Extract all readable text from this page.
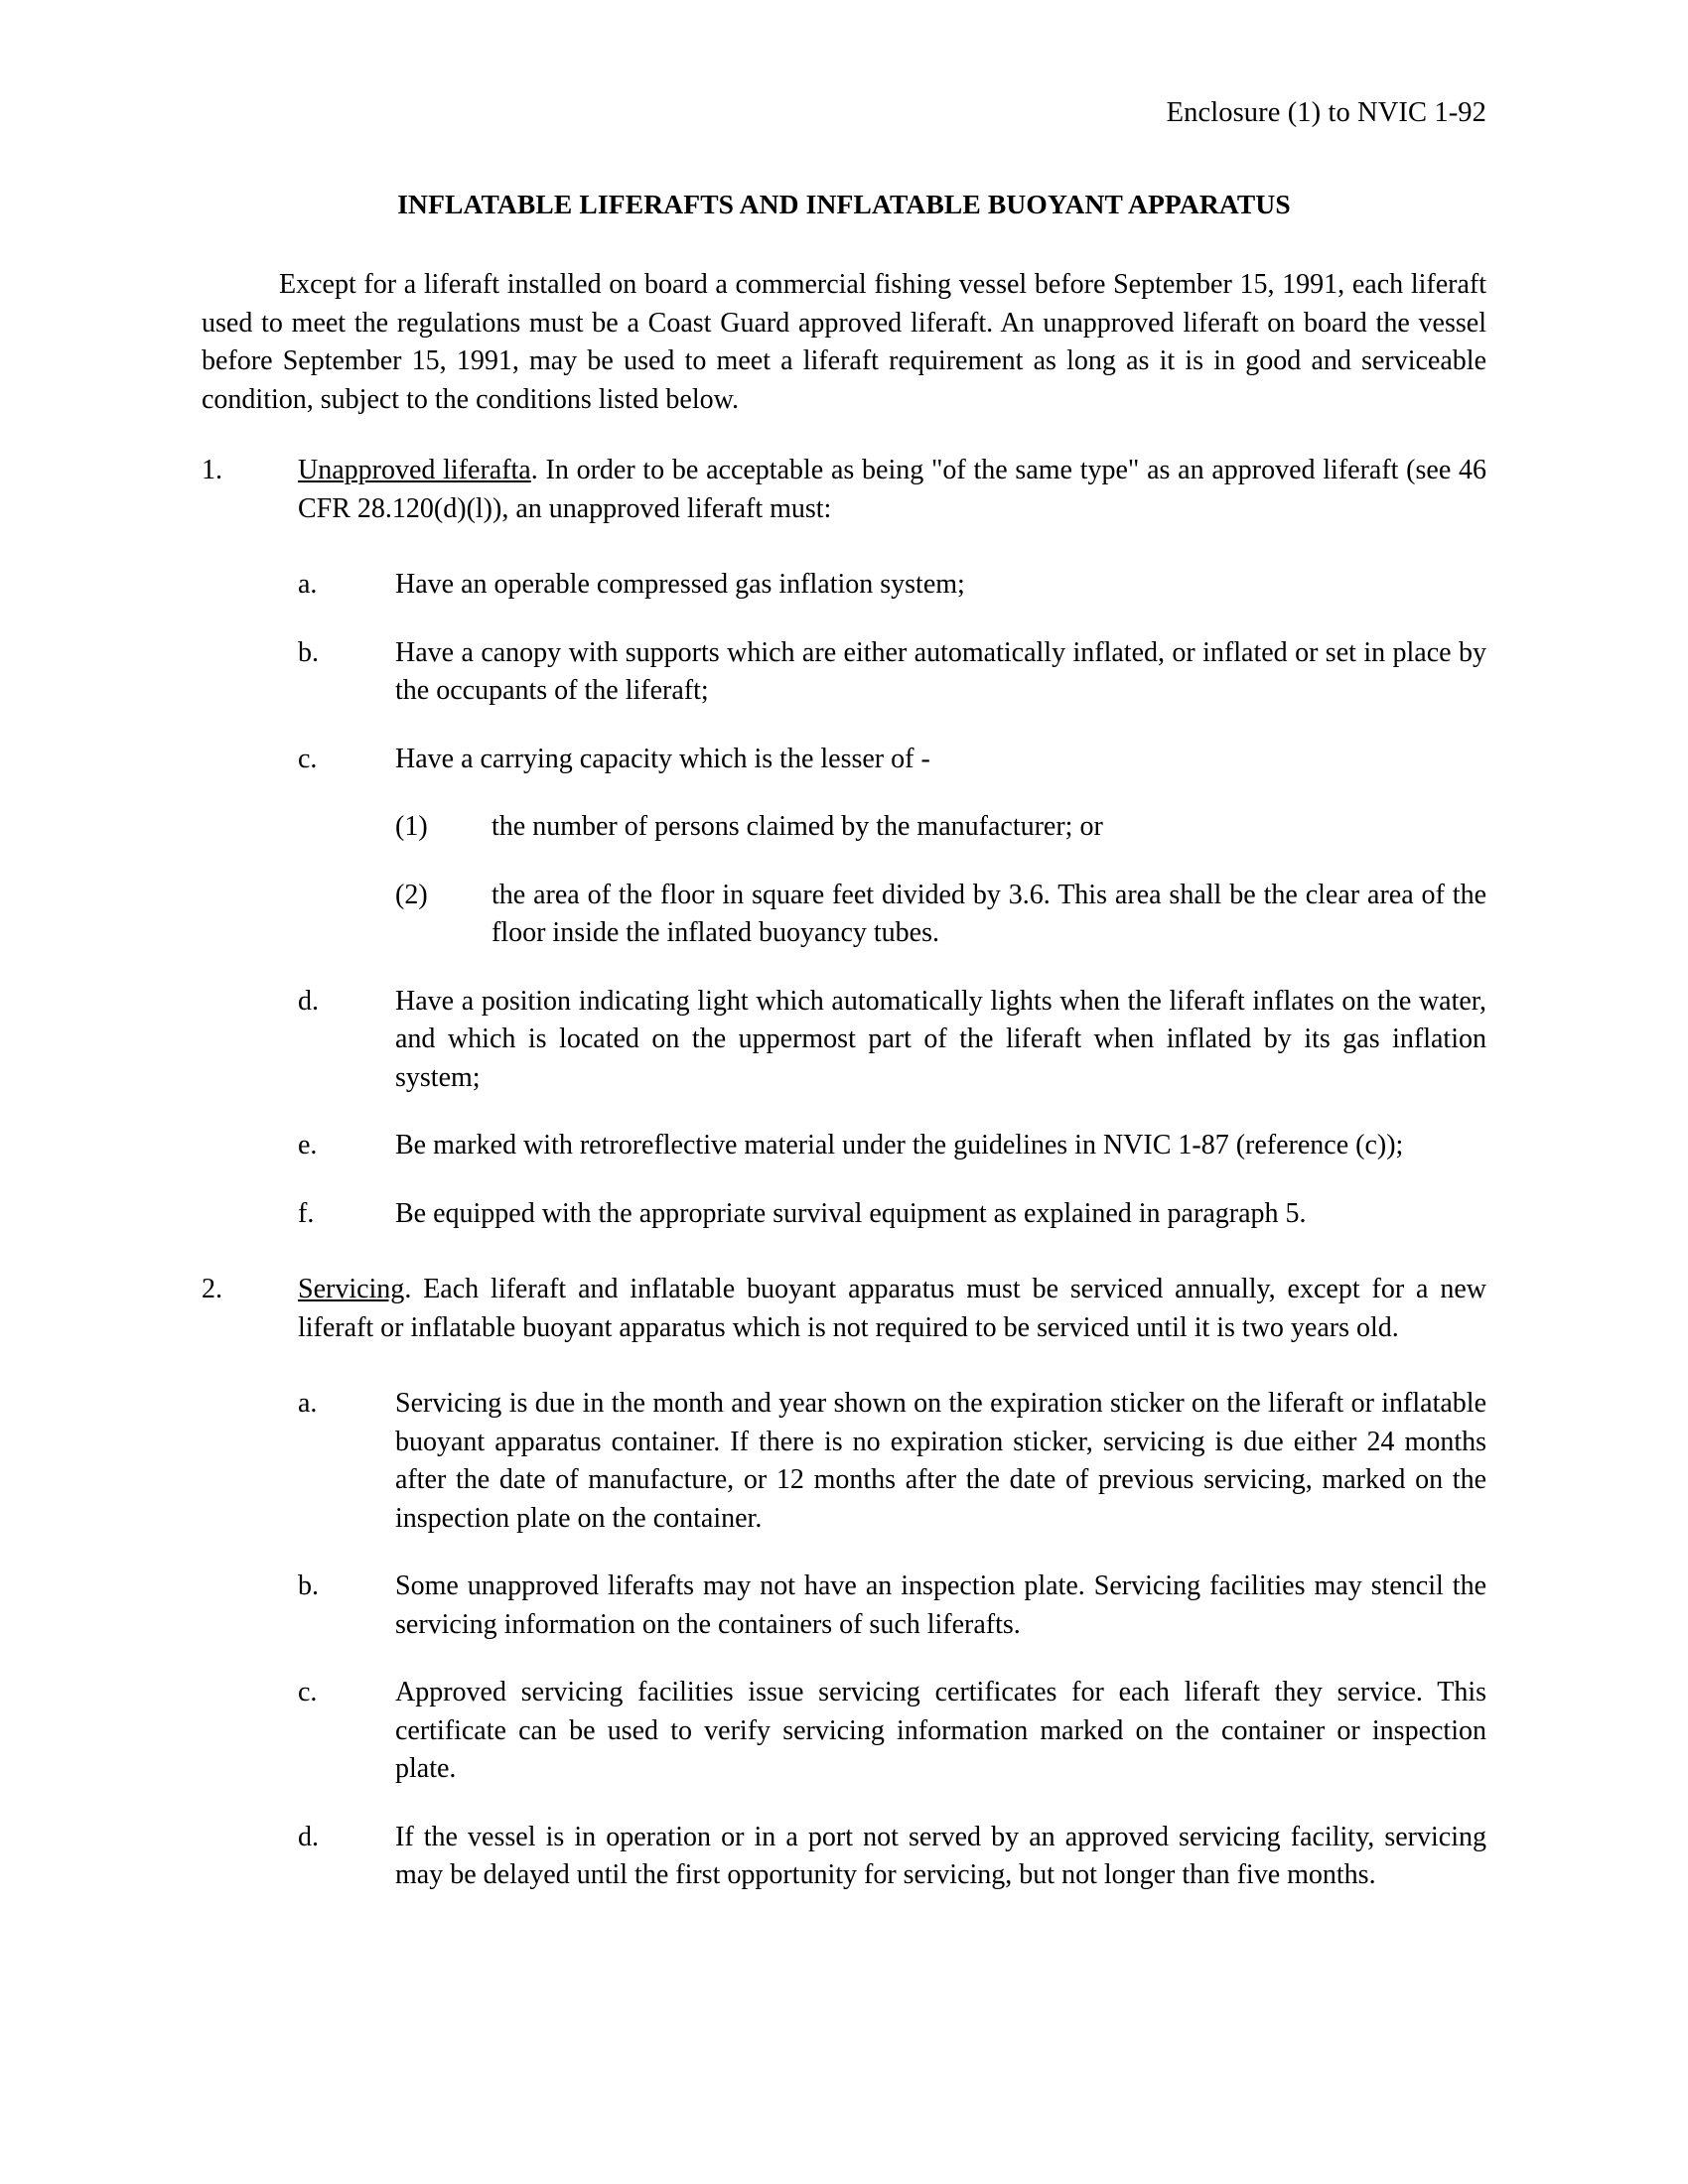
Enclosure (1) to NVIC 1-92
INFLATABLE LIFERAFTS AND INFLATABLE BUOYANT APPARATUS

Except for a liferaft installed on board a commercial fishing vessel before September 15, 1991, each liferaft used to meet the regulations must be a Coast Guard approved liferaft. An unapproved liferaft on board the vessel before September 15, 1991, may be used to meet a liferaft requirement as long as it is in good and serviceable condition, subject to the conditions listed below.

1.	Unapproved liferafta. In order to be acceptable as being "of the same type" as an approved liferaft (see 46 CFR 28.120(d)(l)), an unapproved liferaft must:
a.	Have an operable compressed gas inflation system;
b.	Have a canopy with supports which are either automatically inflated, or inflated or set in place by the occupants of the liferaft;
c.	Have a carrying capacity which is the lesser of -
(1)	the number of persons claimed by the manufacturer; or
(2)	the area of the floor in square feet divided by 3.6. This area shall be the clear area of the floor inside the inflated buoyancy tubes.
d.	Have a position indicating light which automatically lights when the liferaft inflates on the water, and which is located on the uppermost part of the liferaft when inflated by its gas inflation system;
e.	Be marked with retroreflective material under the guidelines in NVIC 1-87 (reference (c));
f.	Be equipped with the appropriate survival equipment as explained in paragraph 5.
2.	Servicing. Each liferaft and inflatable buoyant apparatus must be serviced annually, except for a new liferaft or inflatable buoyant apparatus which is not required to be serviced until it is two years old.
a.	Servicing is due in the month and year shown on the expiration sticker on the liferaft or inflatable buoyant apparatus container. If there is no expiration sticker, servicing is due either 24 months after the date of manufacture, or 12 months after the date of previous servicing, marked on the inspection plate on the container.
b.	Some unapproved liferafts may not have an inspection plate. Servicing facilities may stencil the servicing information on the containers of such liferafts.
c.	Approved servicing facilities issue servicing certificates for each liferaft they service. This certificate can be used to verify servicing information marked on the container or inspection plate.
d.	If the vessel is in operation or in a port not served by an approved servicing facility, servicing may be delayed until the first opportunity for servicing, but not longer than five months.
